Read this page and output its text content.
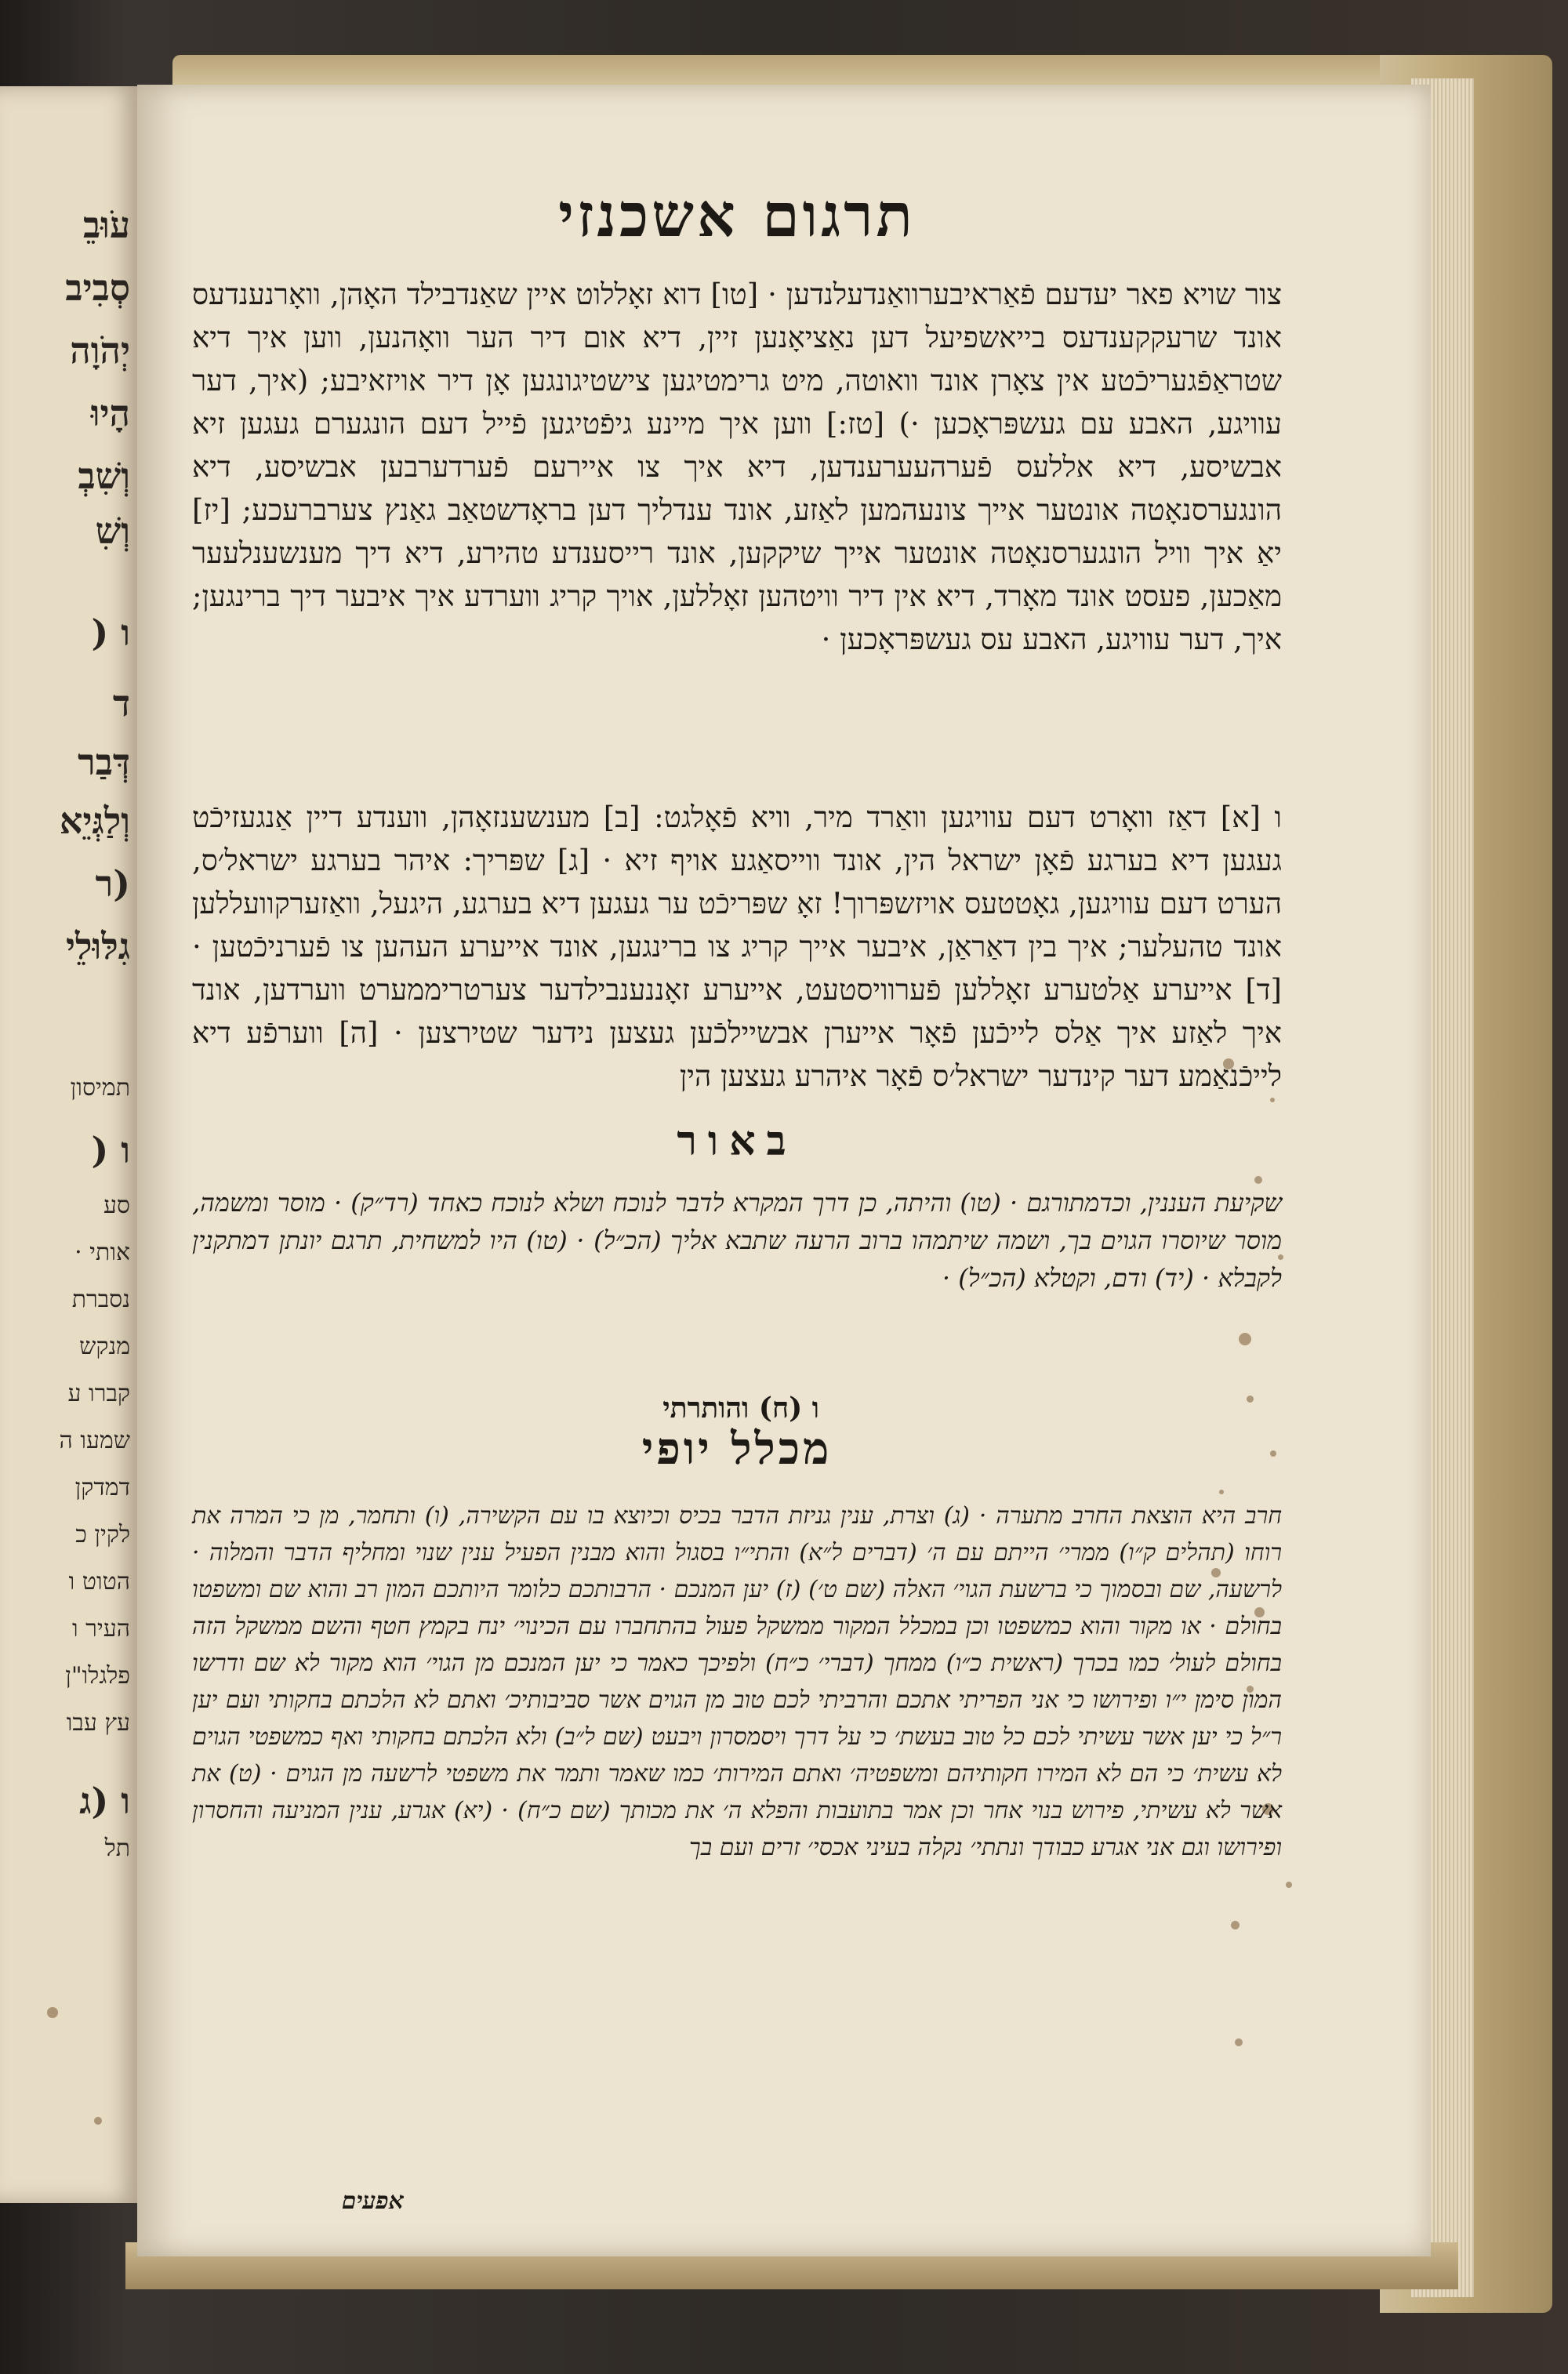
עֹוּבֵ
סְבִיב
יְהֹוָה
הָיוּ
וְשִׁבְ
וְשִׁ
ו (
ד
דְּבַר
וְלַגְּיֵא
(ר
גִלּוּלֵי
תמיסון
ו (
סע
אותי ·
נסברת
מנקש
קברו ע
שמעו ה
דמדקן
לקין כ
הטוט ו
העיר ו
פלגלו"ן
עץ עבו
ו (ג
תל
תרגום אשכנזי

צור שויא פאר יעדעם פֿאַראיבערוואַנדעלנדען · [טו] דוא זאָללוט איין שאַנדבילד האָהן, וואָרנענדעס אונד שרעקקענדעס בייאשפיעל דען נאַציאָנען זיין, דיא אום דיר הער וואָהנען, ווען איך דיא שטראַפֿגעריכֿטע אין צאָרן אונד וואוטה, מיט גרימטיגען צישטיגונגען אָן דיר אויזאיבע; (איך, דער עוויגע, האבע עם געשפּראָכען ·) [טז:] ווען איך מיינע גיפֿטיגען פֿייל דעם הונגערם געגען זיא אבשיסע, דיא אללעס פֿערהעערענדען, דיא איך צו איירעם פֿערדערבען אבשיסע, דיא הונגערסנאָטה אונטער אייך צונעהמען לאַזע, אונד ענדליך דען בראָדשטאַב גאַנץ צערברעכע; [יז] יאַ איך וויל הונגערסנאָטה אונטער אייך שיקקען, אונד רייסענדע טהירע, דיא דיך מענשענלעער מאַכען, פעסט אונד מאָרד, דיא אין דיר וויטהען זאָללען, אויך קריג ווערדע איך איבער דיך ברינגען; איך, דער עוויגע, האבע עס געשפּראָכען ·

ו [א] דאַז וואָרט דעם עוויגען וואַרד מיר, וויא פֿאָלגט: [ב] מענשענזאָהן, ווענדע דיין אַנגעזיכֿט געגען דיא בערגע פֿאָן ישראל הין, אונד ווייסאַגע אויף זיא · [ג] שפּריך: איהר בערגע ישראל׳ס, הערט דעם עוויגען, גאָטטעס אויזשפּרוך! זאָ שפּריכֿט ער געגען דיא בערגע, היגעל, וואַזערקוועללען אונד טהעלער; איך בין דאַראַן, איבער אייך קריג צו ברינגען, אונד אייערע העהען צו פֿערניכֿטען · [ד] אייערע אַלטערע זאָללען פֿערוויסטעט, אייערע זאָננענבילדער צערטריממערט ווערדען, אונד איך לאַזע איך אַלס לייכֿען פֿאָר אייערן אבשיילכֿען געצען נידער שטירצען · [ה] ווערפֿע דיא לייכֿנאַמע דער קינדער ישראל׳ס פֿאָר איהרע געצען הין

באור

שקיעת העננין, וכדמתורגם · (טו) והיתה, כן דרך המקרא לדבר לנוכח ושלא לנוכח כאחד (רד״ק) · מוסר ומשמה, מוסר שיוסרו הגוים בך, ושמה שיתמהו ברוב הרעה שתבא אליך (הכ״ל) · (טו) היו למשחית, תרגם יונתן דמתקנין לקבלא · (יד) ודם, וקטלא (הכ״ל) ·

ו (ח) והותרתי
מכלל יופי

חרב היא הוצאת החרב מתערה · (ג) וצרת, ענין גניזת הדבר בכיס וכיוצא בו עם הקשירה, (ו) ותחמר, מן כי המרה את רוחו (תהלים ק״ו) ממרי׳ הייתם עם ה׳ (דברים ל״א) והתי״ו בסגול והוא מבנין הפעיל ענין שנוי ומחליף הדבר והמלוה · לרשעה, שם ובסמוך כי ברשעת הגוי׳ האלה (שם ט׳) (ז) יען המנכם · הרבותכם כלומר היותכם המון רב והוא שם ומשפטו בחולם · או מקור והוא כמשפטו וכן במכלל המקור ממשקל פעול בהתחברו עם הכינוי׳ ינח בקמץ חטף והשם ממשקל הזה בחולם לעול׳ כמו בכרך (ראשית כ״ו) ממחך (דברי׳ כ״ח) ולפיכך כאמר כי יען המנכם מן הגוי׳ הוא מקור לא שם ודרשו המון סימן י״ו ופירושו כי אני הפריתי אתכם והרביתי לכם טוב מן הגוים אשר סביבותיכ׳ ואתם לא הלכתם בחקותי ועם יען ר״ל כי יען אשר עשיתי לכם כל טוב בעשת׳ כי על דרך ויסמסרון ויבעט (שם ל״ב) ולא הלכתם בחקותי ואף כמשפטי הגוים לא עשית׳ כי הם לא המירו חקותיהם ומשפטיה׳ ואתם המירות׳ כמו שאמר ותמר את משפטי לרשעה מן הגוים · (ט) את אשר לא עשיתי, פירוש בנוי אחר וכן אמר בתועבות והפלא ה׳ את מכותך (שם כ״ח) · (יא) אגרע, ענין המניעה והחסרון ופירושו וגם אני אגרע כבודך ונתתי׳ נקלה בעיני אכסי׳ זרים ועם בך

אפעים
